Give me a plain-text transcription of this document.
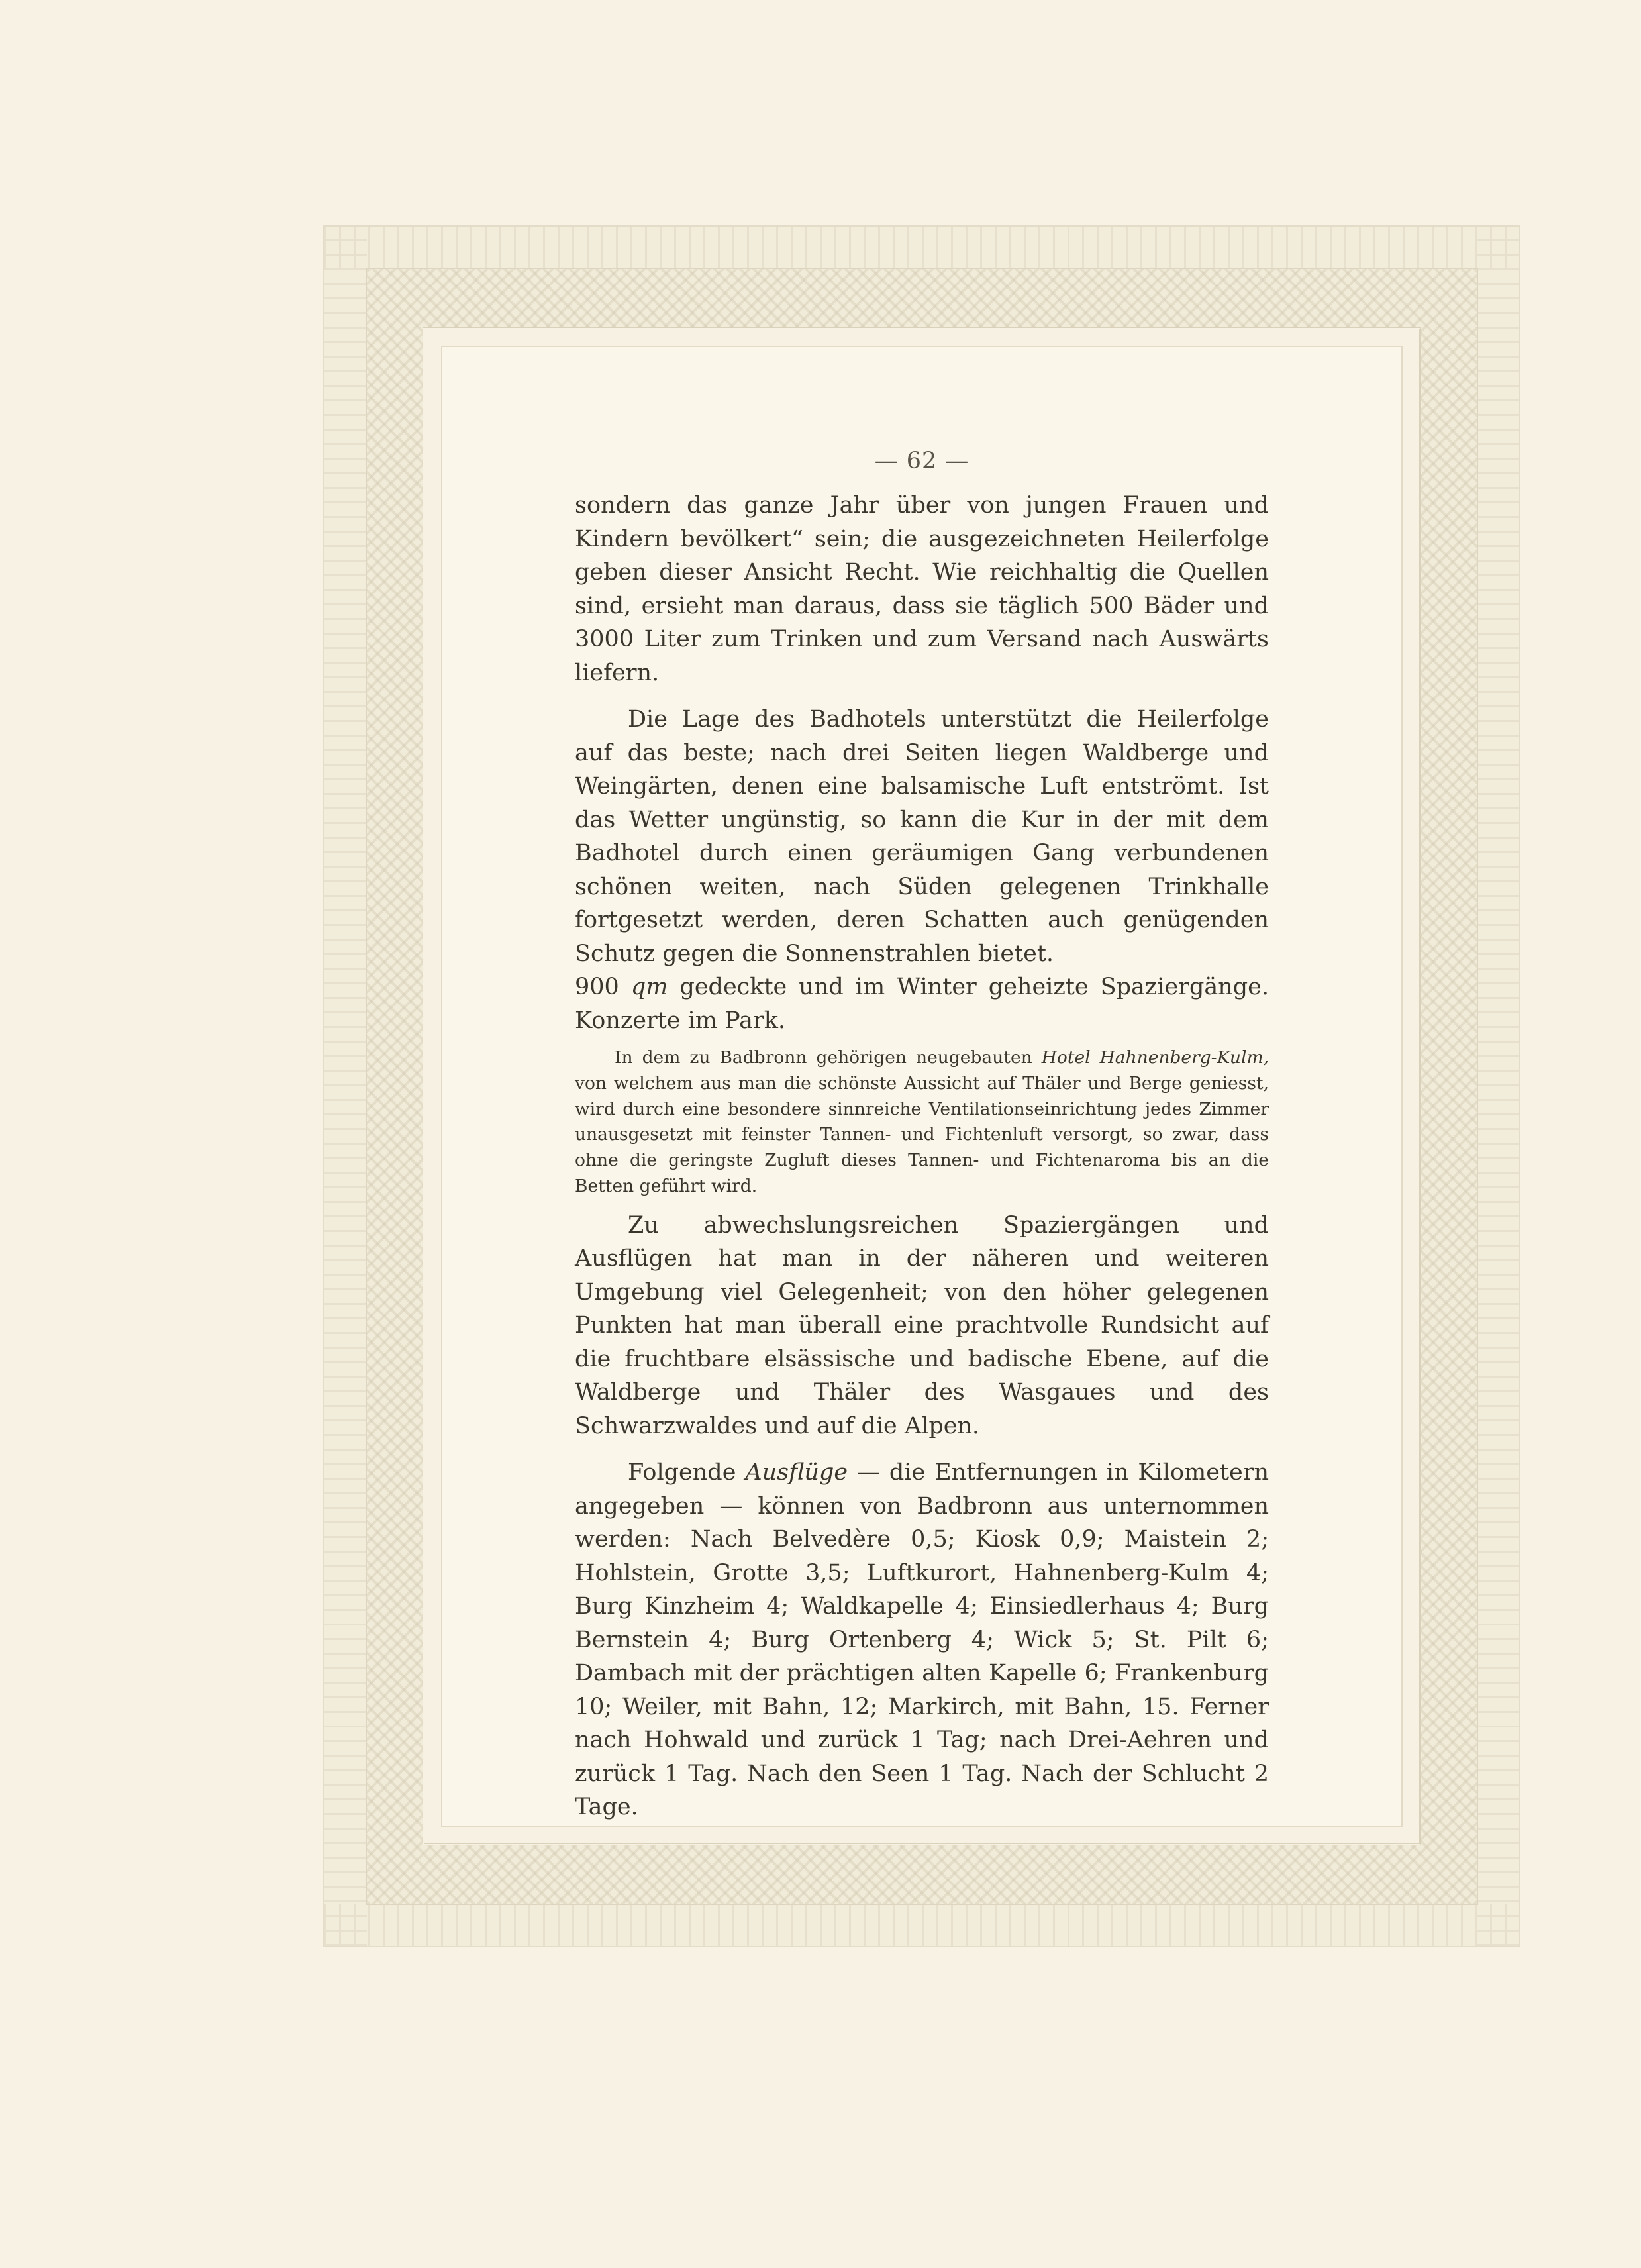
— 62 —

sondern das ganze Jahr über von jungen Frauen und Kindern bevölkert“ sein; die ausgezeichneten Heilerfolge geben dieser Ansicht Recht. Wie reichhaltig die Quellen sind, ersieht man daraus, dass sie täglich 500 Bäder und 3000 Liter zum Trinken und zum Versand nach Auswärts liefern.

Die Lage des Badhotels unterstützt die Heilerfolge auf das beste; nach drei Seiten liegen Waldberge und Weingärten, denen eine balsamische Luft entströmt. Ist das Wetter ungünstig, so kann die Kur in der mit dem Badhotel durch einen geräumigen Gang verbundenen schönen weiten, nach Süden gelegenen Trinkhalle fortgesetzt werden, deren Schatten auch genügenden Schutz gegen die Sonnenstrahlen bietet.

900 qm gedeckte und im Winter geheizte Spaziergänge. Konzerte im Park.

In dem zu Badbronn gehörigen neugebauten Hotel Hahnenberg-Kulm, von welchem aus man die schönste Aussicht auf Thäler und Berge geniesst, wird durch eine besondere sinnreiche Ventilationseinrichtung jedes Zimmer unausgesetzt mit feinster Tannen- und Fichtenluft versorgt, so zwar, dass ohne die geringste Zugluft dieses Tannen- und Fichtenaroma bis an die Betten geführt wird.

Zu abwechslungsreichen Spaziergängen und Ausflügen hat man in der näheren und weiteren Umgebung viel Gelegenheit; von den höher gelegenen Punkten hat man überall eine prachtvolle Rundsicht auf die fruchtbare elsässische und badische Ebene, auf die Waldberge und Thäler des Wasgaues und des Schwarzwaldes und auf die Alpen.

Folgende Ausflüge — die Entfernungen in Kilometern angegeben — können von Badbronn aus unternommen werden: Nach Belvedère 0,5; Kiosk 0,9; Maistein 2; Hohlstein, Grotte 3,5; Luftkurort, Hahnenberg-Kulm 4; Burg Kinzheim 4; Waldkapelle 4; Einsiedlerhaus 4; Burg Bernstein 4; Burg Ortenberg 4; Wick 5; St. Pilt 6; Dambach mit der prächtigen alten Kapelle 6; Frankenburg 10; Weiler, mit Bahn, 12; Markirch, mit Bahn, 15. Ferner nach Hohwald und zurück 1 Tag; nach Drei-Aehren und zurück 1 Tag. Nach den Seen 1 Tag. Nach der Schlucht 2 Tage.
